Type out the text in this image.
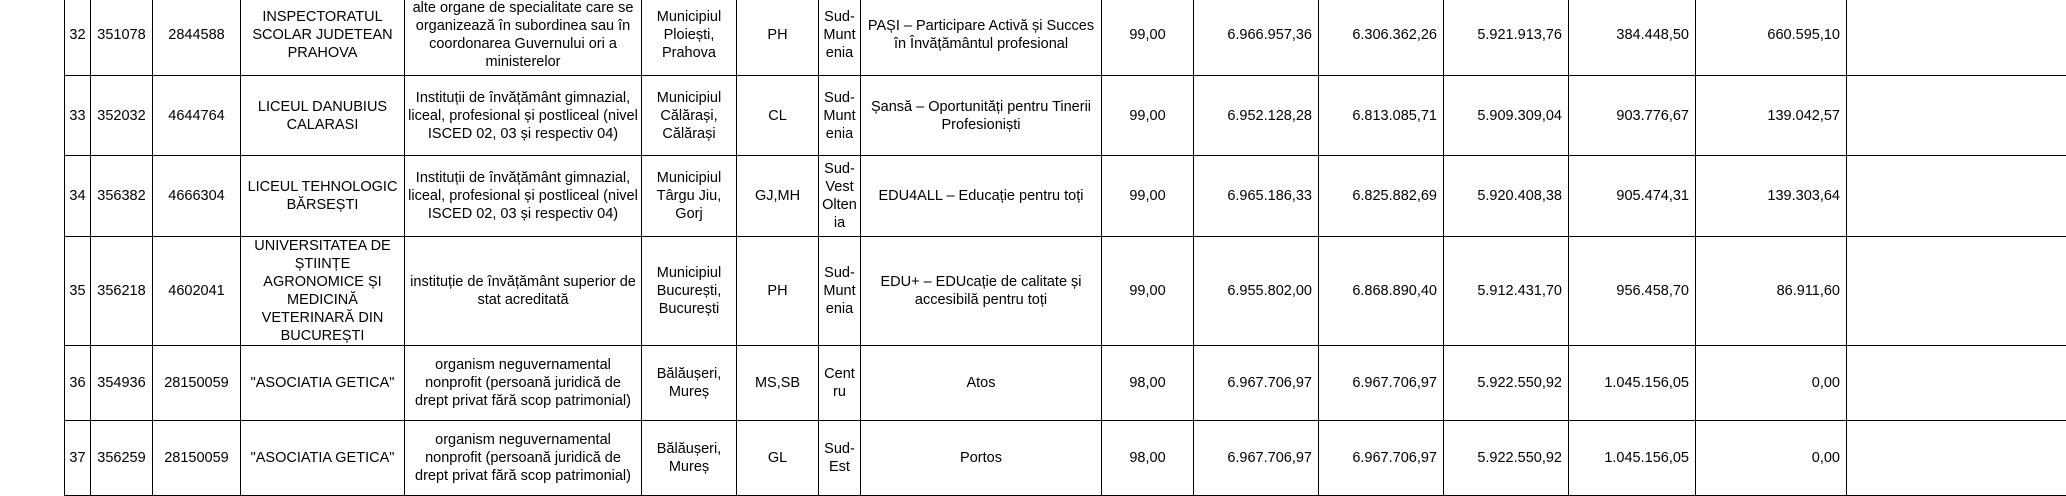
32	351078	2844588	INSPECTORATUL SCOLAR JUDETEAN PRAHOVA	alte organe de specialitate care se organizează în subordinea sau în coordonarea Guvernului ori a ministerelor	Municipiul Ploiești, Prahova	PH	Sud-Muntenia	PAȘI – Participare Activă și Succes în Învățământul profesional	99,00	6.966.957,36	6.306.362,26	5.921.913,76	384.448,50	660.595,10	
33	352032	4644764	LICEUL DANUBIUS CALARASI	Instituții de învățământ gimnazial, liceal, profesional și postliceal (nivel ISCED 02, 03 și respectiv 04)	Municipiul Călărași, Călărași	CL	Sud-Muntenia	Șansă – Oportunități pentru Tinerii Profesioniști	99,00	6.952.128,28	6.813.085,71	5.909.309,04	903.776,67	139.042,57	
34	356382	4666304	LICEUL TEHNOLOGIC BĂRSEȘTI	Instituții de învățământ gimnazial, liceal, profesional și postliceal (nivel ISCED 02, 03 și respectiv 04)	Municipiul Târgu Jiu, Gorj	GJ,MH	Sud-Vest Oltenia	EDU4ALL – Educație pentru toți	99,00	6.965.186,33	6.825.882,69	5.920.408,38	905.474,31	139.303,64	
35	356218	4602041	UNIVERSITATEA DE ȘTIINȚE AGRONOMICE ȘI MEDICINĂ VETERINARĂ DIN BUCUREȘTI	instituție de învățământ superior de stat acreditată	Municipiul București, București	PH	Sud-Muntenia	EDU+ – EDUcație de calitate și accesibilă pentru toți	99,00	6.955.802,00	6.868.890,40	5.912.431,70	956.458,70	86.911,60	
36	354936	28150059	"ASOCIATIA GETICA"	organism neguvernamental nonprofit (persoană juridică de drept privat fără scop patrimonial)	Bălăușeri, Mureș	MS,SB	Centru	Atos	98,00	6.967.706,97	6.967.706,97	5.922.550,92	1.045.156,05	0,00	
37	356259	28150059	"ASOCIATIA GETICA"	organism neguvernamental nonprofit (persoană juridică de drept privat fără scop patrimonial)	Bălăușeri, Mureș	GL	Sud-Est	Portos	98,00	6.967.706,97	6.967.706,97	5.922.550,92	1.045.156,05	0,00	
